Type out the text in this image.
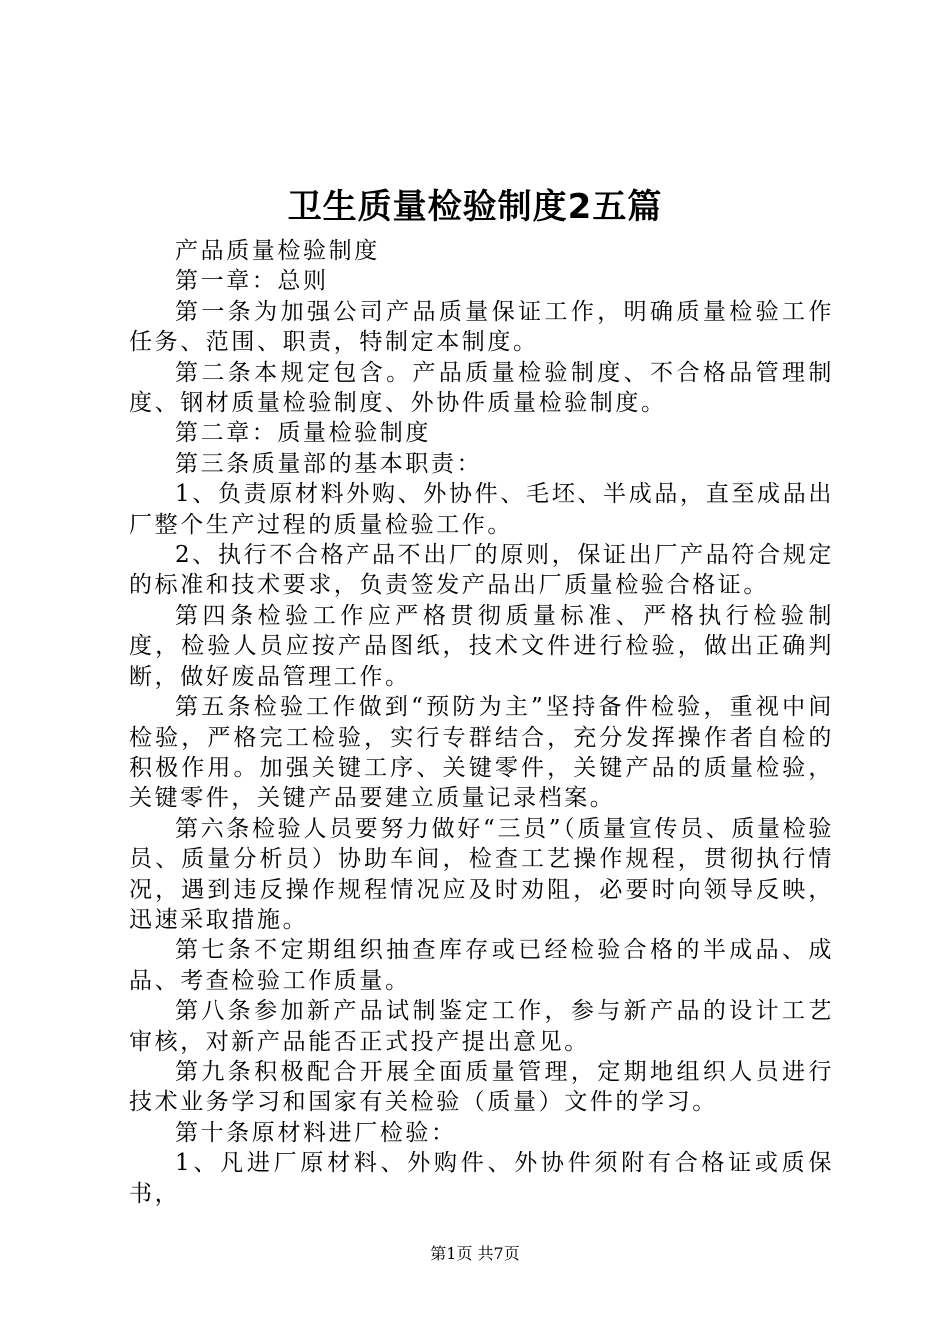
卫生质量检验制度2五篇

产品质量检验制度

第一章：总则

第一条为加强公司产品质量保证工作，明确质量检验工作任务、范围、职责，特制定本制度。

第二条本规定包含。产品质量检验制度、不合格品管理制度、钢材质量检验制度、外协件质量检验制度。

第二章：质量检验制度

第三条质量部的基本职责：

1、负责原材料外购、外协件、毛坯、半成品，直至成品出厂整个生产过程的质量检验工作。

2、执行不合格产品不出厂的原则，保证出厂产品符合规定的标准和技术要求，负责签发产品出厂质量检验合格证。

第四条检验工作应严格贯彻质量标准、严格执行检验制度，检验人员应按产品图纸，技术文件进行检验，做出正确判断，做好废品管理工作。

第五条检验工作做到“预防为主”坚持备件检验，重视中间检验，严格完工检验，实行专群结合，充分发挥操作者自检的积极作用。加强关键工序、关键零件，关键产品的质量检验，关键零件，关键产品要建立质量记录档案。

第六条检验人员要努力做好“三员”（质量宣传员、质量检验员、质量分析员）协助车间，检查工艺操作规程，贯彻执行情况，遇到违反操作规程情况应及时劝阻，必要时向领导反映，迅速采取措施。

第七条不定期组织抽查库存或已经检验合格的半成品、成品、考查检验工作质量。

第八条参加新产品试制鉴定工作，参与新产品的设计工艺审核，对新产品能否正式投产提出意见。

第九条积极配合开展全面质量管理，定期地组织人员进行技术业务学习和国家有关检验（质量）文件的学习。

第十条原材料进厂检验：

1、凡进厂原材料、外购件、外协件须附有合格证或质保书，

第1页 共7页
